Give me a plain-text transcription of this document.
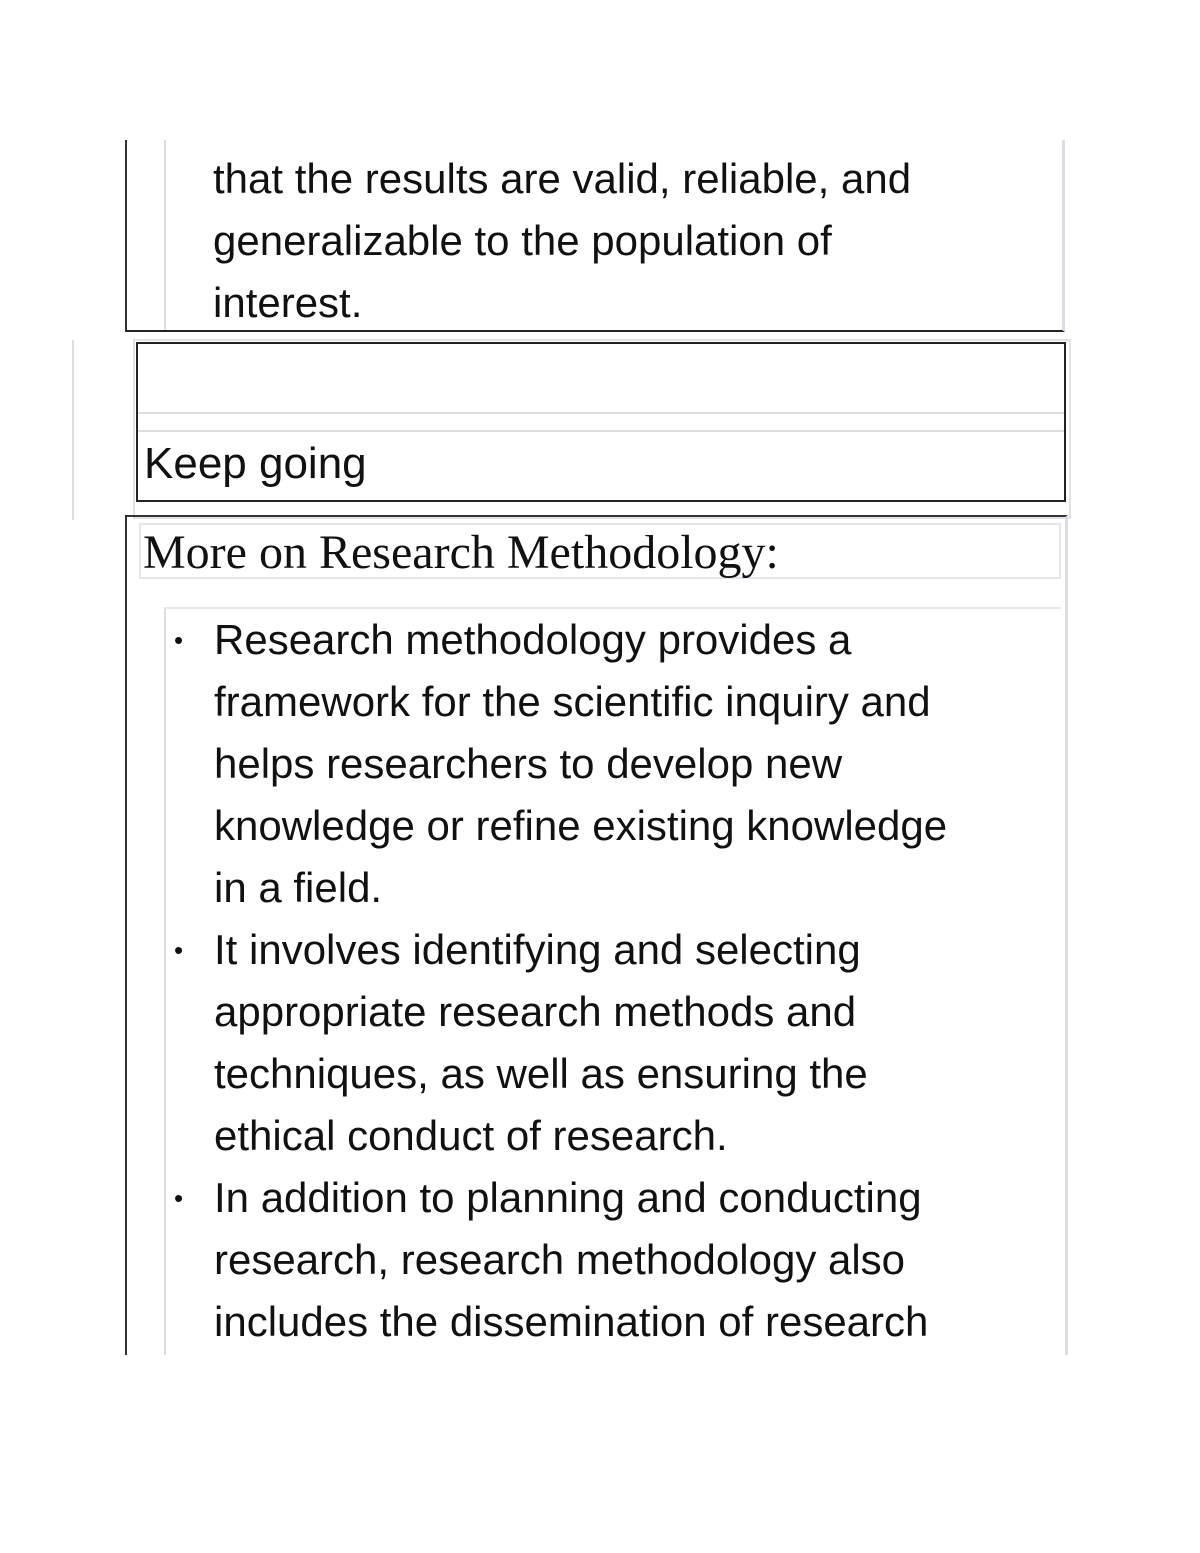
that the results are valid, reliable, and
generalizable to the population of
interest.
Keep going
More on Research Methodology:
• Research methodology provides a
framework for the scientific inquiry and
helps researchers to develop new
knowledge or refine existing knowledge
in a field.
• It involves identifying and selecting
appropriate research methods and
techniques, as well as ensuring the
ethical conduct of research.
• In addition to planning and conducting
research, research methodology also
includes the dissemination of research
